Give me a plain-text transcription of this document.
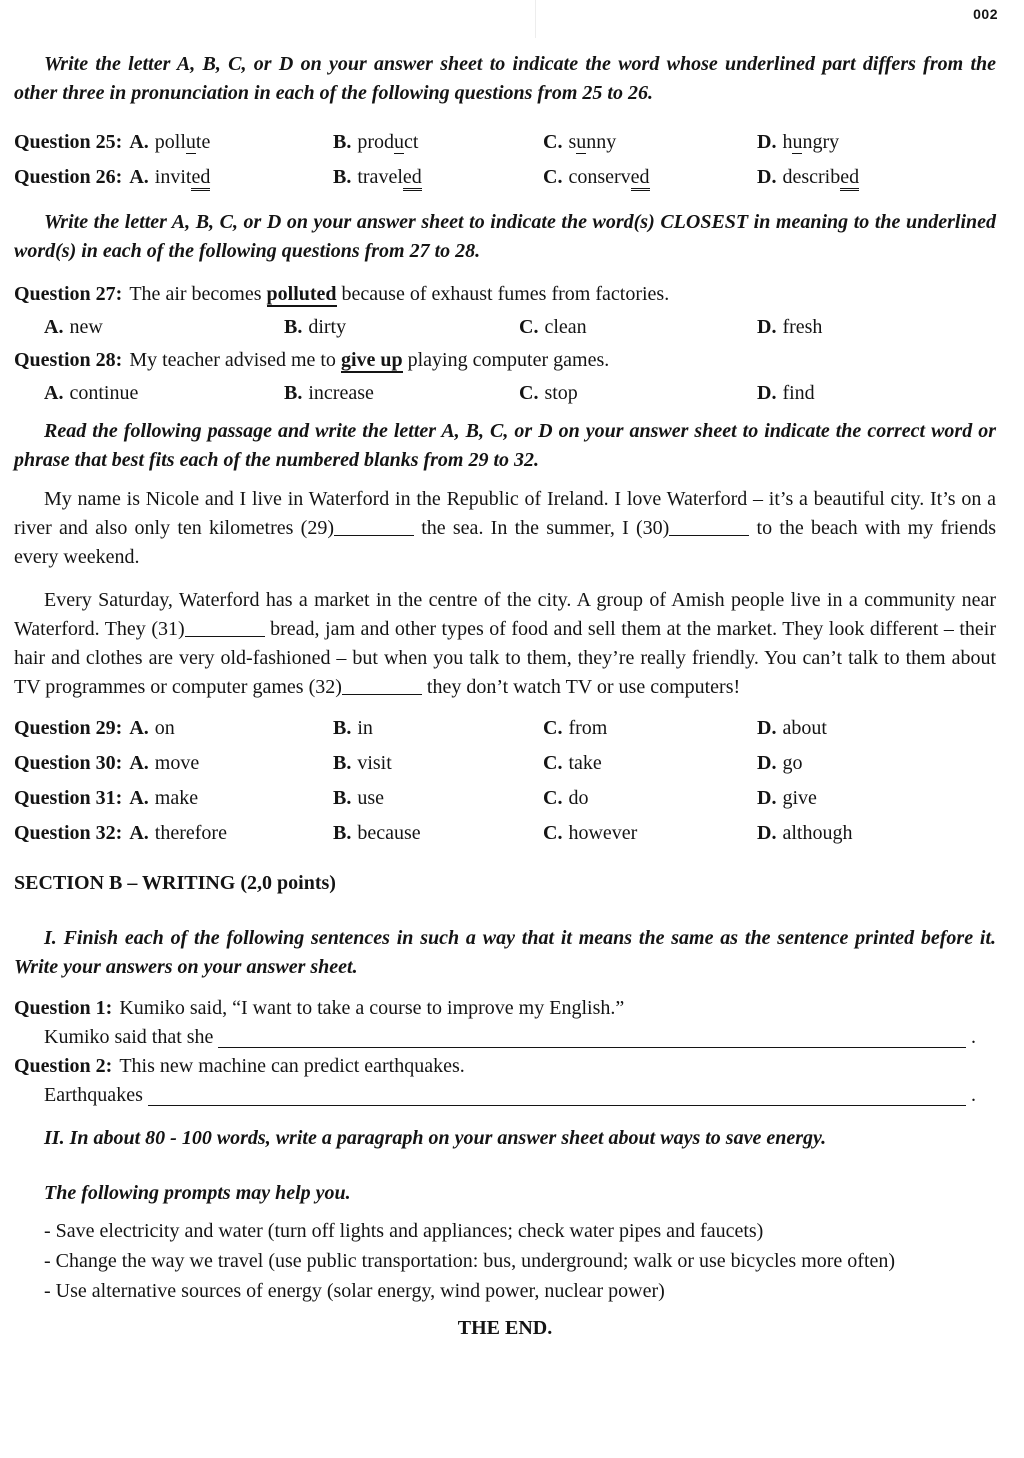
002

Write the letter A, B, C, or D on your answer sheet to indicate the word whose underlined part differs from the other three in pronunciation in each of the following questions from 25 to 26.

Question 25: A. pollute	B. product	C. sunny	D. hungry
Question 26: A. invited	B. traveled	C. conserved	D. described

Write the letter A, B, C, or D on your answer sheet to indicate the word(s) CLOSEST in meaning to the underlined word(s) in each of the following questions from 27 to 28.

Question 27: The air becomes polluted because of exhaust fumes from factories.

A. new	B. dirty	C. clean	D. fresh

Question 28: My teacher advised me to give up playing computer games.

A. continue	B. increase	C. stop	D. find

Read the following passage and write the letter A, B, C, or D on your answer sheet to indicate the correct word or phrase that best fits each of the numbered blanks from 29 to 32.

My name is Nicole and I live in Waterford in the Republic of Ireland. I love Waterford – it’s a beautiful city. It’s on a river and also only ten kilometres (29)	the sea. In the summer, I (30)	to the beach with my friends every weekend.

Every Saturday, Waterford has a market in the centre of the city. A group of Amish people live in a community near Waterford. They (31)	bread, jam and other types of food and sell them at the market. They look different – their hair and clothes are very old-fashioned – but when you talk to them, they’re really friendly. You can’t talk to them about TV programmes or computer games (32)	they don’t watch TV or use computers!

Question 29: A. on	B. in	C. from	D. about
Question 30: A. move	B. visit	C. take	D. go
Question 31: A. make	B. use	C. do	D. give
Question 32: A. therefore	B. because	C. however	D. although

SECTION B – WRITING (2,0 points)

I. Finish each of the following sentences in such a way that it means the same as the sentence printed before it. Write your answers on your answer sheet.

Question 1: Kumiko said, “I want to take a course to improve my English.”

Kumiko said that she	.

Question 2: This new machine can predict earthquakes.

Earthquakes	.

II. In about 80 - 100 words, write a paragraph on your answer sheet about ways to save energy.

The following prompts may help you.

- Save electricity and water (turn off lights and appliances; check water pipes and faucets)

- Change the way we travel (use public transportation: bus, underground; walk or use bicycles more often)

- Use alternative sources of energy (solar energy, wind power, nuclear power)

THE END.
